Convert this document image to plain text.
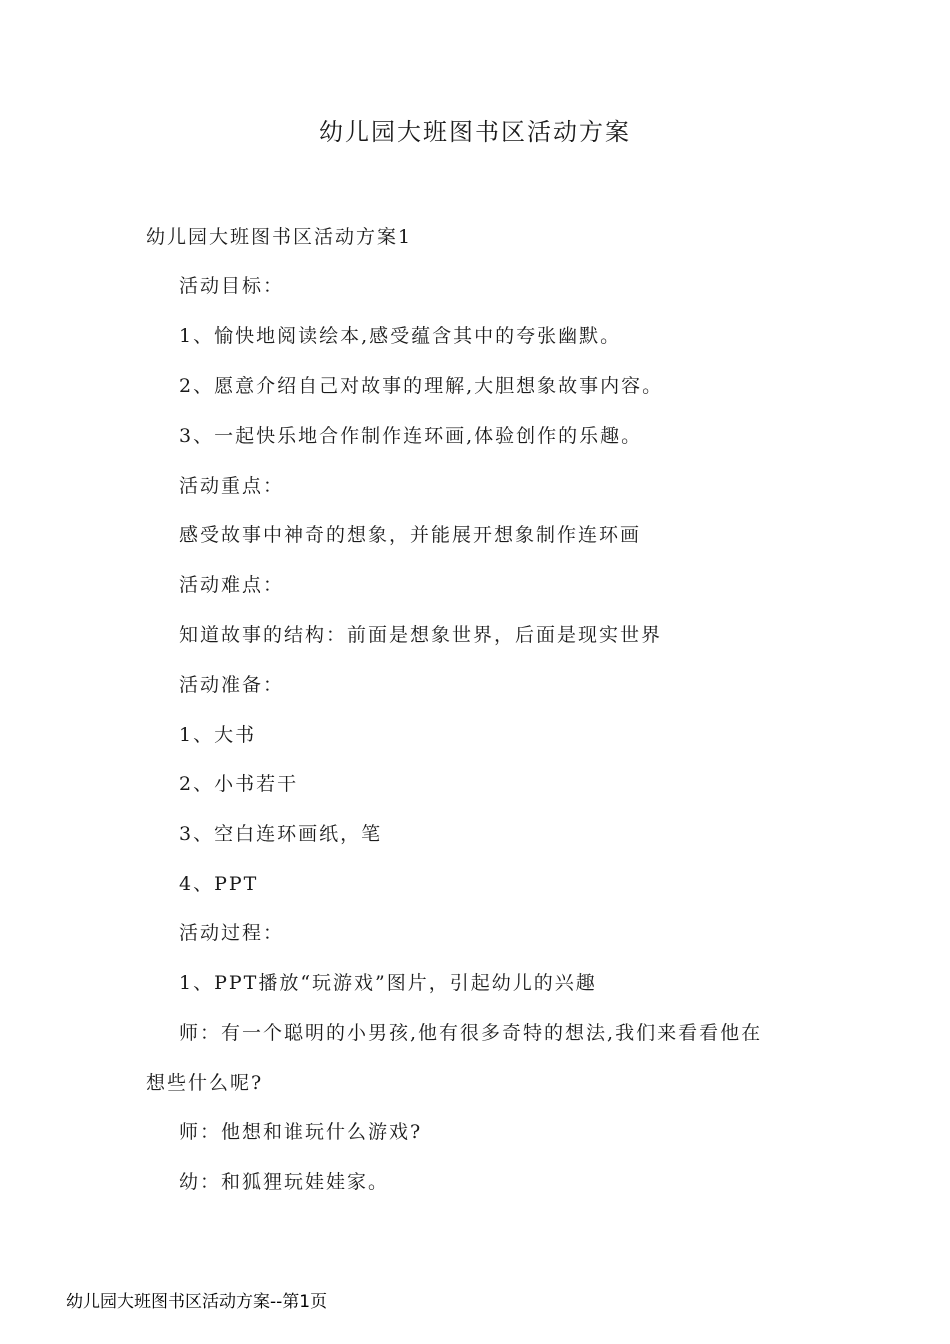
幼儿园大班图书区活动方案

幼儿园大班图书区活动方案1

活动目标：

1、愉快地阅读绘本,感受蕴含其中的夸张幽默。

2、愿意介绍自己对故事的理解,大胆想象故事内容。

3、一起快乐地合作制作连环画,体验创作的乐趣。

活动重点：

感受故事中神奇的想象，并能展开想象制作连环画

活动难点：

知道故事的结构：前面是想象世界，后面是现实世界

活动准备：

1、大书

2、小书若干

3、空白连环画纸，笔

4、PPT

活动过程：

1、PPT播放“玩游戏”图片，引起幼儿的兴趣

师：有一个聪明的小男孩,他有很多奇特的想法,我们来看看他在

想些什么呢?

师：他想和谁玩什么游戏?

幼：和狐狸玩娃娃家。

幼儿园大班图书区活动方案--第1页
